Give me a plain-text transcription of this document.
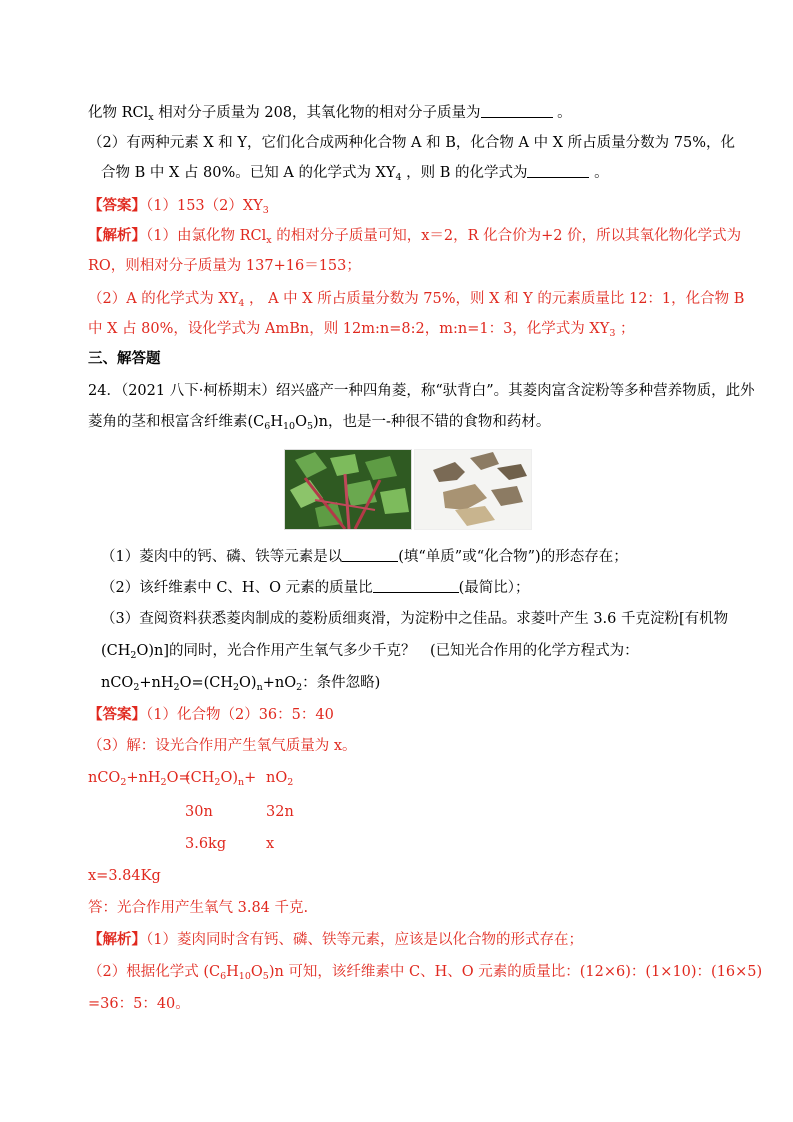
化物 RCl$_x$ 相对分子质量为 208，其氧化物的相对分子质量为	。
（2）有两种元素 X 和 Y，它们化合成两种化合物 A 和 B，化合物 A 中 X 所占质量分数为 75%，化
合物 B 中 X 占 80%。已知 A 的化学式为 $XY_4$ ，则 B 的化学式为	。
【答案】$(1)153(2)XY_3$
【解析】（1）由氯化物 RCl$_x$ 的相对分子质量可知，x＝2，R 化合价为+2 价，所以其氧化物化学式为
RO，则相对分子质量为 137+16＝153；
（2）A 的化学式为 $XY_4$ ， A 中 X 所占质量分数为 75%，则 X 和 Y 的元素质量比 12：1，化合物 B
中 X 占 80%，设化学式为 AmBn，则 12m:n=8:2，m:n=1：3，化学式为 $XY_3$ ；
三、解答题
24．（2021 八下·柯桥期末）绍兴盛产一种四角菱，称“驮背白”。其菱肉富含淀粉等多种营养物质，此外
菱角的茎和根富含纤维素$(C_6H_{10}O_5)n$，也是一-种很不错的食物和药材。
（1）菱肉中的钙、磷、铁等元素是以	(填“单质”或“化合物”)的形态存在；
（2）该纤维素中 C、H、O 元素的质量比	(最简比）；
（3）查阅资料获悉菱肉制成的菱粉质细爽滑，为淀粉中之佳品。求菱叶产生 3.6 千克淀粉[有机物
$(CH_2O)n$]的同时，光合作用产生氧气多少千克？　(已知光合作用的化学方程式为：
$nCO_2+nH_2O=(CH_2O)_n+nO_2$：条件忽略)
【答案】（1）化合物（2）36：5：40
（3）解：设光合作用产生氧气质量为 x。
$nCO_2+nH_2O=$
$(CH_2O)_n+ nO_2$
30n	32n
3.6kg	x
x=3.84Kg
答：光合作用产生氧气 3.84 千克.
【解析】（1）菱肉同时含有钙、磷、铁等元素，应该是以化合物的形式存在；
（2）根据化学式 $(C_6H_{10}O_5)n$ 可知，该纤维素中 C、H、O 元素的质量比：(12×6)：(1×10)：(16×5)
=36：5：40。
